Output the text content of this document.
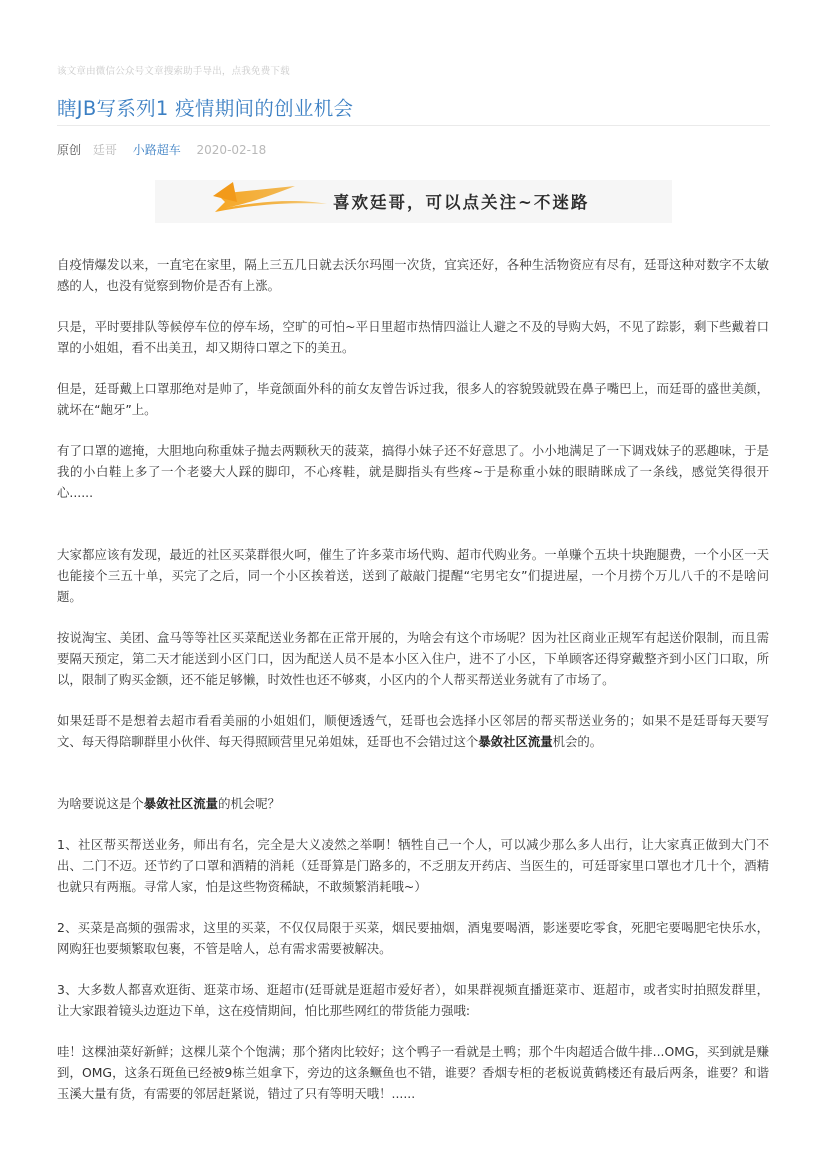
该文章由微信公众号文章搜索助手导出，点我免费下载
瞎JB写系列1 疫情期间的创业机会
原创 廷哥 小路超车 2020-02-18
喜欢廷哥，可以点关注~不迷路

自疫情爆发以来，一直宅在家里，隔上三五几日就去沃尔玛囤一次货，宜宾还好，各种生活物资应有尽有，廷哥这种对数字不太敏感的人，也没有觉察到物价是否有上涨。

只是，平时要排队等候停车位的停车场，空旷的可怕~平日里超市热情四溢让人避之不及的导购大妈，不见了踪影，剩下些戴着口罩的小姐姐，看不出美丑，却又期待口罩之下的美丑。

但是，廷哥戴上口罩那绝对是帅了，毕竟颌面外科的前女友曾告诉过我，很多人的容貌毁就毁在鼻子嘴巴上，而廷哥的盛世美颜，就坏在“龅牙”上。

有了口罩的遮掩，大胆地向称重妹子抛去两颗秋天的菠菜，搞得小妹子还不好意思了。小小地满足了一下调戏妹子的恶趣味，于是我的小白鞋上多了一个老婆大人踩的脚印，不心疼鞋，就是脚指头有些疼~于是称重小妹的眼睛眯成了一条线，感觉笑得很开心......

大家都应该有发现，最近的社区买菜群很火呵，催生了许多菜市场代购、超市代购业务。一单赚个五块十块跑腿费，一个小区一天也能接个三五十单，买完了之后，同一个小区挨着送，送到了敲敲门提醒“宅男宅女”们提进屋，一个月捞个万儿八千的不是啥问题。

按说淘宝、美团、盒马等等社区买菜配送业务都在正常开展的，为啥会有这个市场呢？因为社区商业正规军有起送价限制，而且需要隔天预定，第二天才能送到小区门口，因为配送人员不是本小区入住户，进不了小区，下单顾客还得穿戴整齐到小区门口取，所以，限制了购买金额，还不能足够懒，时效性也还不够爽，小区内的个人帮买帮送业务就有了市场了。

如果廷哥不是想着去超市看看美丽的小姐姐们，顺便透透气，廷哥也会选择小区邻居的帮买帮送业务的；如果不是廷哥每天要写文、每天得陪聊群里小伙伴、每天得照顾营里兄弟姐妹，廷哥也不会错过这个暴敛社区流量机会的。

为啥要说这是个暴敛社区流量的机会呢？

1、社区帮买帮送业务，师出有名，完全是大义凌然之举啊！牺牲自己一个人，可以减少那么多人出行，让大家真正做到大门不出、二门不迈。还节约了口罩和酒精的消耗（廷哥算是门路多的，不乏朋友开药店、当医生的，可廷哥家里口罩也才几十个，酒精也就只有两瓶。寻常人家，怕是这些物资稀缺，不敢频繁消耗哦~）

2、买菜是高频的强需求，这里的买菜，不仅仅局限于买菜，烟民要抽烟，酒鬼要喝酒，影迷要吃零食，死肥宅要喝肥宅快乐水，网购狂也要频繁取包裹，不管是啥人，总有需求需要被解决。

3、大多数人都喜欢逛街、逛菜市场、逛超市(廷哥就是逛超市爱好者），如果群视频直播逛菜市、逛超市，或者实时拍照发群里，让大家跟着镜头边逛边下单，这在疫情期间，怕比那些网红的带货能力强哦:

哇！这棵油菜好新鲜；这棵儿菜个个饱满；那个猪肉比较好；这个鸭子一看就是土鸭；那个牛肉超适合做牛排...OMG，买到就是赚到，OMG，这条石斑鱼已经被9栋兰姐拿下，旁边的这条鳜鱼也不错，谁要？香烟专柜的老板说黄鹤楼还有最后两条，谁要？和谐玉溪大量有货，有需要的邻居赶紧说，错过了只有等明天哦！......
